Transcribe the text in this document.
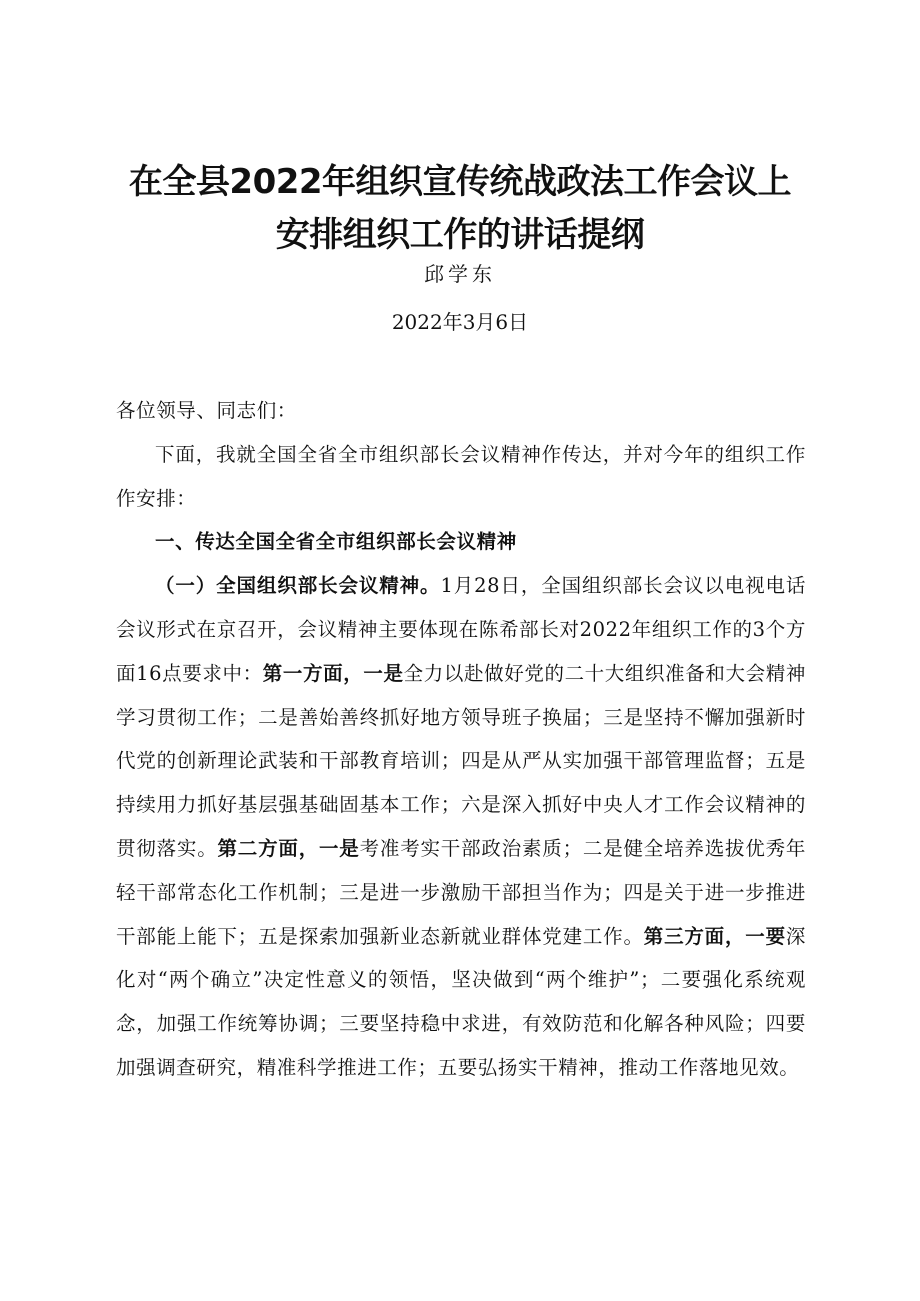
在全县2022年组织宣传统战政法工作会议上
安排组织工作的讲话提纲
邱学东
2022年3月6日

各位领导、同志们：

下面，我就全国全省全市组织部长会议精神作传达，并对今年的组织工作作安排：

一、传达全国全省全市组织部长会议精神

（一）全国组织部长会议精神。1月28日，全国组织部长会议以电视电话会议形式在京召开，会议精神主要体现在陈希部长对2022年组织工作的3个方面16点要求中：第一方面，一是全力以赴做好党的二十大组织准备和大会精神学习贯彻工作；二是善始善终抓好地方领导班子换届；三是坚持不懈加强新时代党的创新理论武装和干部教育培训；四是从严从实加强干部管理监督；五是持续用力抓好基层强基础固基本工作；六是深入抓好中央人才工作会议精神的贯彻落实。第二方面，一是考准考实干部政治素质；二是健全培养选拔优秀年轻干部常态化工作机制；三是进一步激励干部担当作为；四是关于进一步推进干部能上能下；五是探索加强新业态新就业群体党建工作。第三方面，一要深化对“两个确立”决定性意义的领悟，坚决做到“两个维护”；二要强化系统观念，加强工作统筹协调；三要坚持稳中求进，有效防范和化解各种风险；四要加强调查研究，精准科学推进工作；五要弘扬实干精神，推动工作落地见效。
